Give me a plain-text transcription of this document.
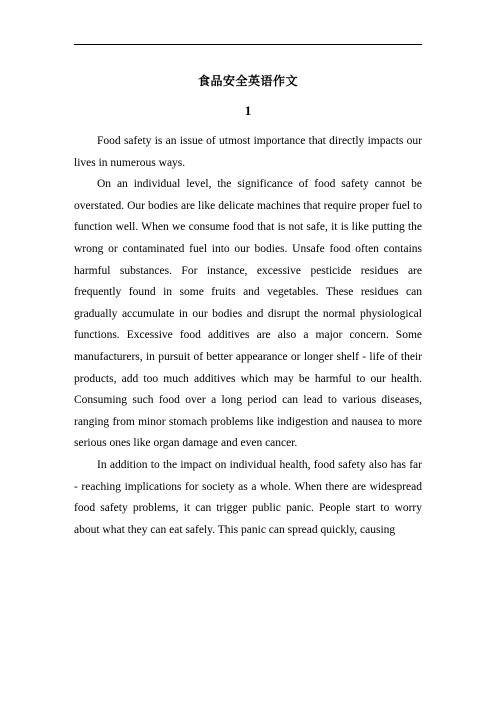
食品安全英语作文
1

Food safety is an issue of utmost importance that directly impacts our lives in numerous ways.

On an individual level, the significance of food safety cannot be overstated. Our bodies are like delicate machines that require proper fuel to function well. When we consume food that is not safe, it is like putting the wrong or contaminated fuel into our bodies. Unsafe food often contains harmful substances. For instance, excessive pesticide residues are frequently found in some fruits and vegetables. These residues can gradually accumulate in our bodies and disrupt the normal physiological functions. Excessive food additives are also a major concern. Some manufacturers, in pursuit of better appearance or longer shelf - life of their products, add too much additives which may be harmful to our health. Consuming such food over a long period can lead to various diseases, ranging from minor stomach problems like indigestion and nausea to more serious ones like organ damage and even cancer.

In addition to the impact on individual health, food safety also has far - reaching implications for society as a whole. When there are widespread food safety problems, it can trigger public panic. People start to worry about what they can eat safely. This panic can spread quickly, causing
